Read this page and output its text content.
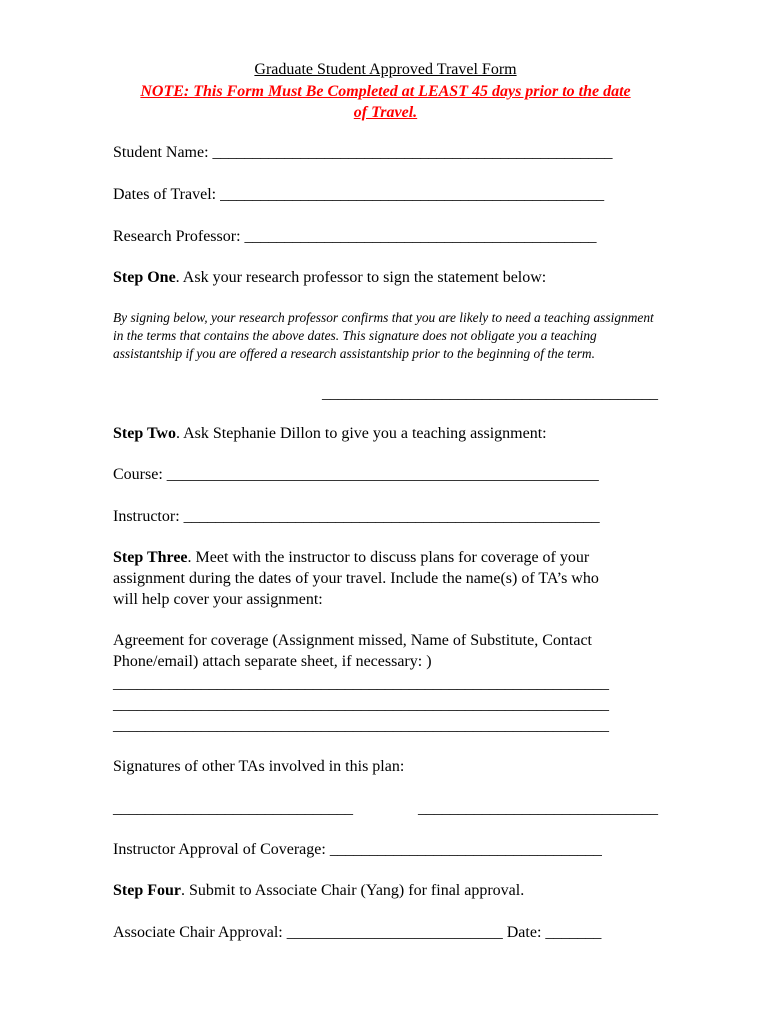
Graduate Student Approved Travel Form
NOTE: This Form Must Be Completed at LEAST 45 days prior to the date
of Travel.
Student Name: __________________________________________________
Dates of Travel: ________________________________________________
Research Professor: ____________________________________________
Step One. Ask your research professor to sign the statement below:
By signing below, your research professor confirms that you are likely to need a teaching assignment in the terms that contains the above dates. This signature does not obligate you a teaching assistantship if you are offered a research assistantship prior to the beginning of the term.
__________________________________________
Step Two. Ask Stephanie Dillon to give you a teaching assignment:
Course: ______________________________________________________
Instructor: ____________________________________________________
Step Three. Meet with the instructor to discuss plans for coverage of your
assignment during the dates of your travel. Include the name(s) of TA’s who
will help cover your assignment:
Agreement for coverage (Assignment missed, Name of Substitute, Contact
Phone/email) attach separate sheet, if necessary: )
______________________________________________________________
______________________________________________________________
______________________________________________________________
Signatures of other TAs involved in this plan:
______________________________	______________________________
Instructor Approval of Coverage: __________________________________
Step Four. Submit to Associate Chair (Yang) for final approval.
Associate Chair Approval: ___________________________ Date: _______
